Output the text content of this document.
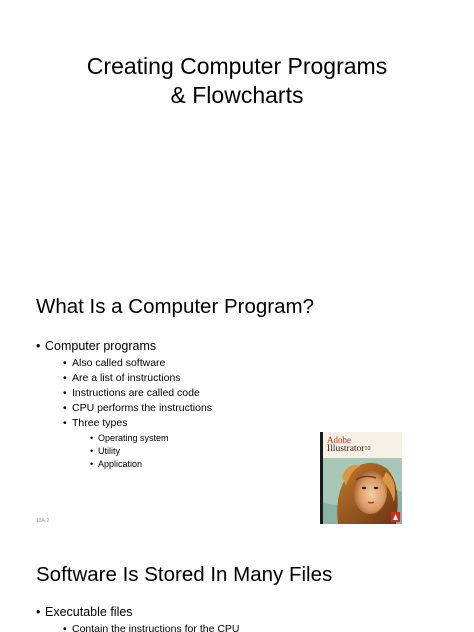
Creating Computer Programs
& Flowcharts
What Is a Computer Program?
• Computer programs
• Also called software
• Are a list of instructions
• Instructions are called code
• CPU performs the instructions
• Three types
• Operating system
• Utility
• Application
Adobe
Illustrator$^{10}$
13A-2
Software Is Stored In Many Files
• Executable files
• Contain the instructions for the CPU
